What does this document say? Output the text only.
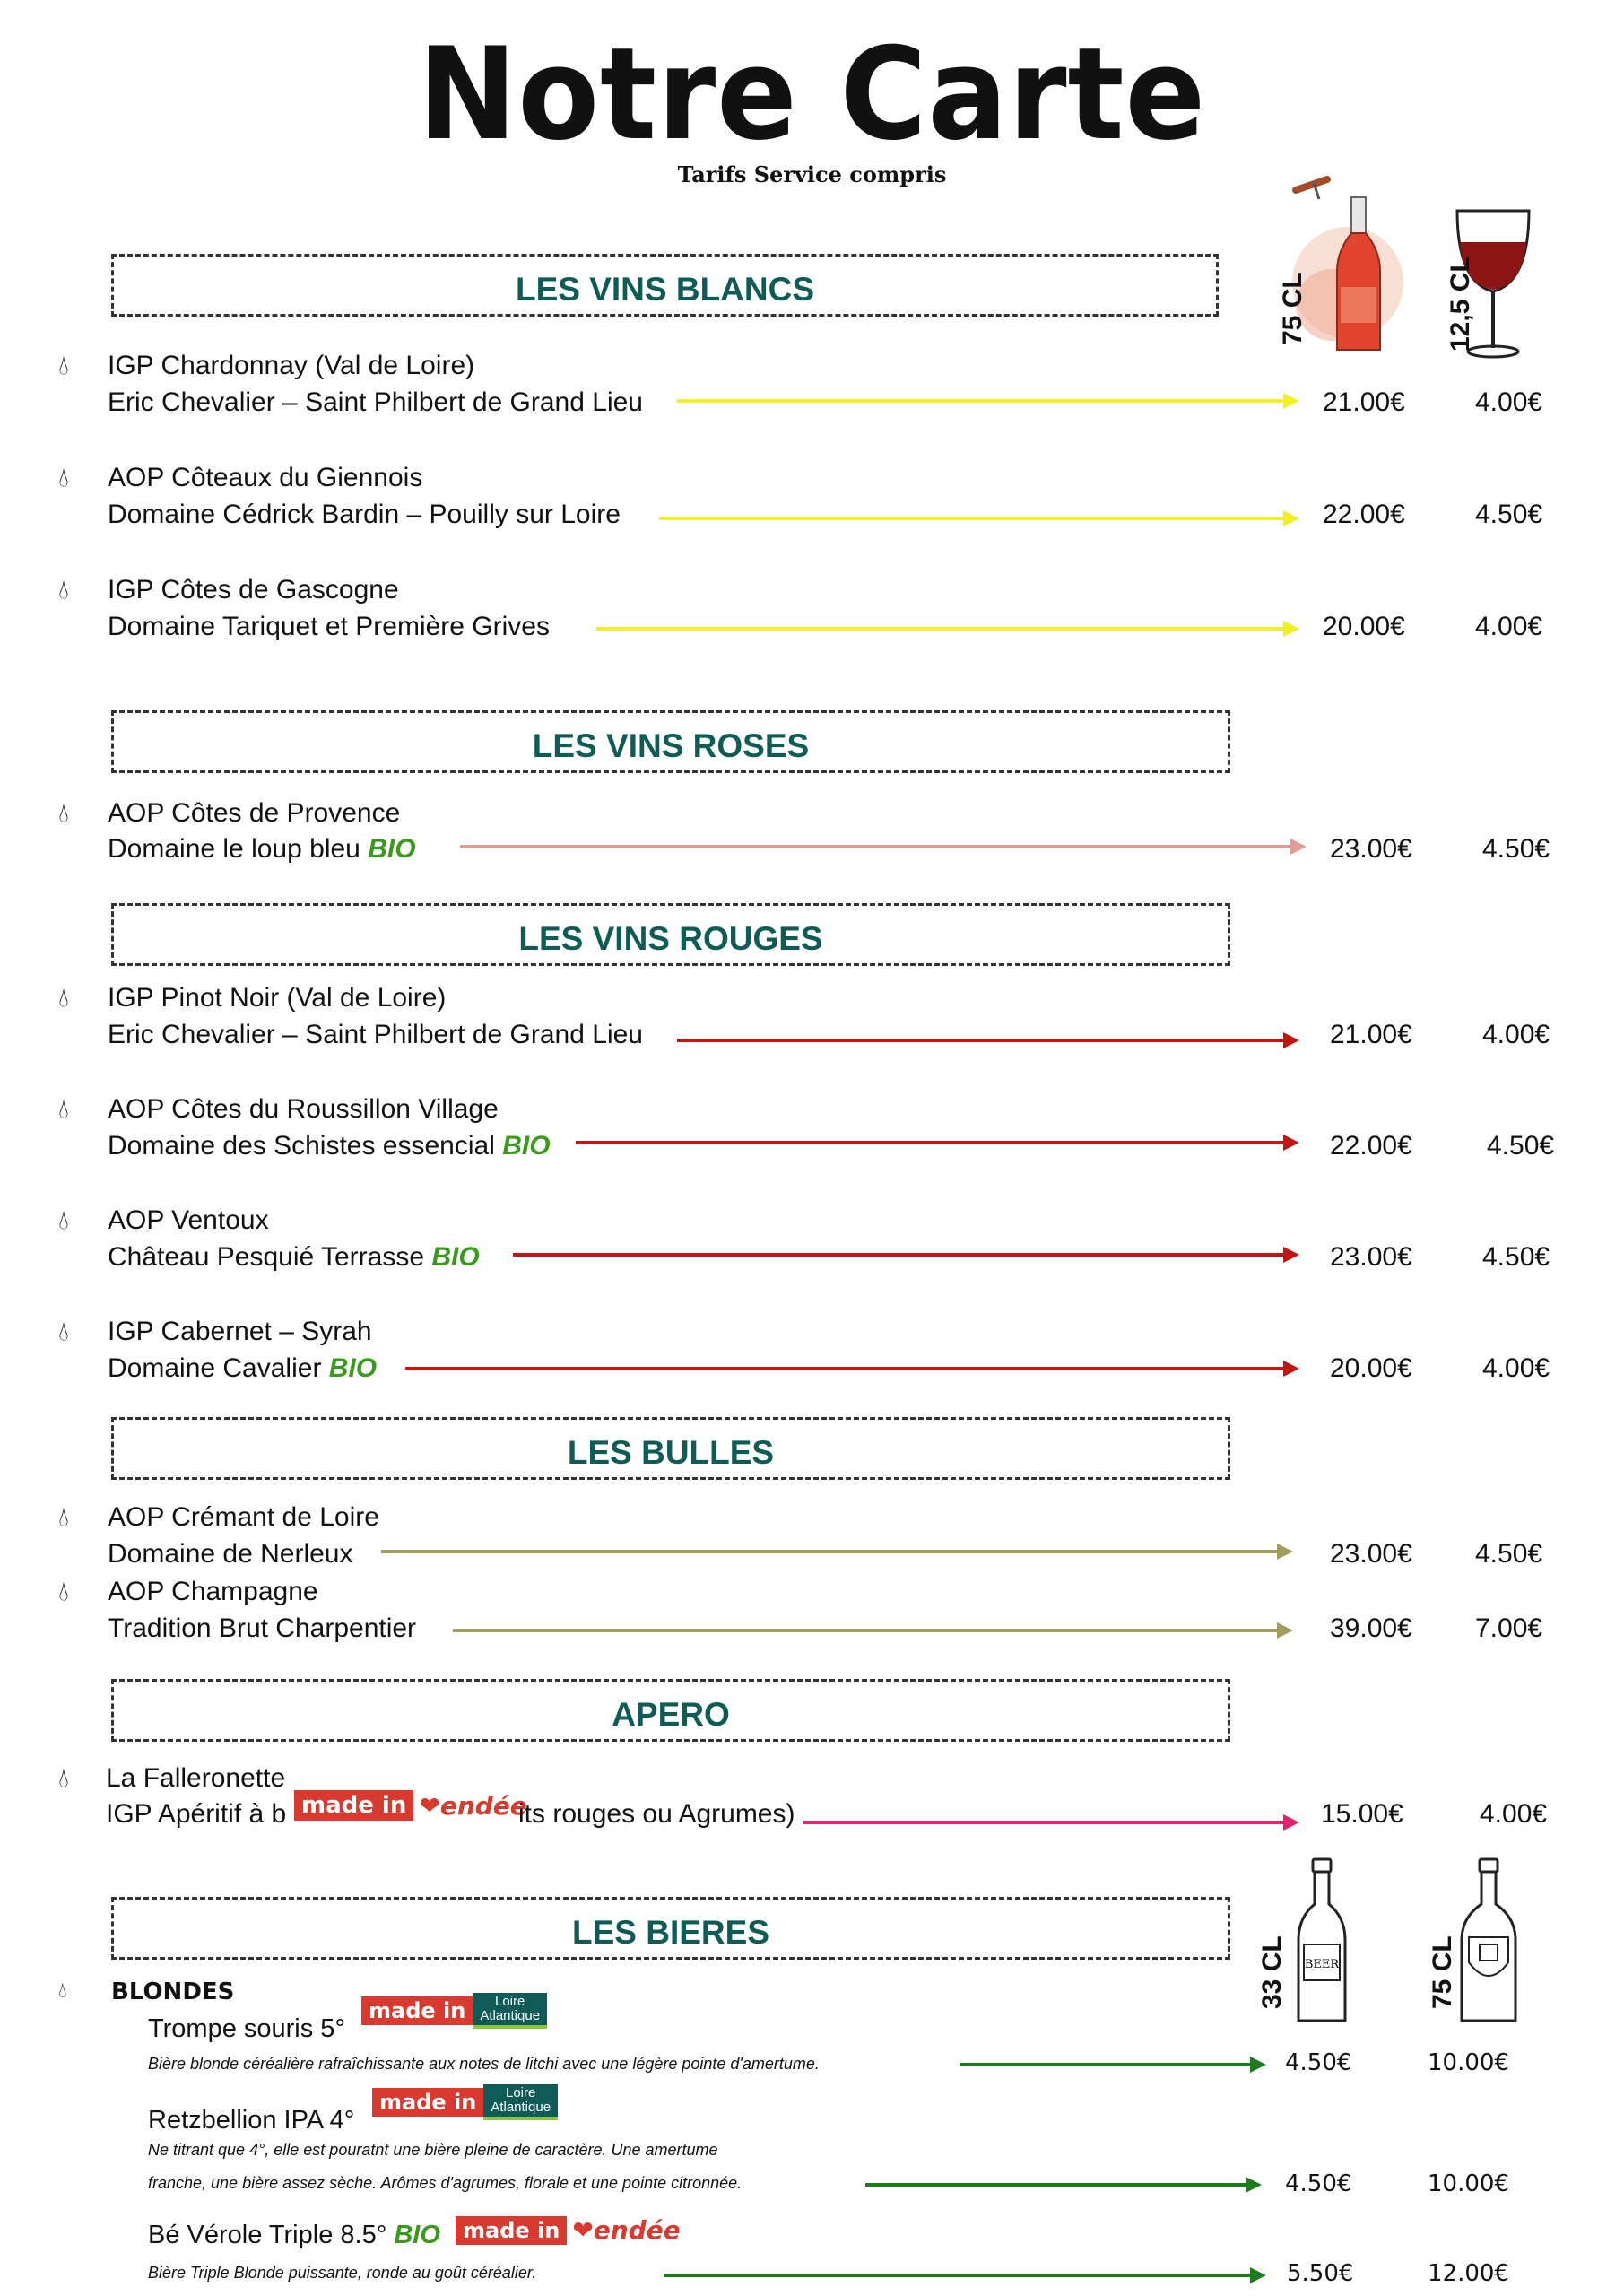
Notre Carte
Tarifs Service compris
75 CL	12,5 CL
LES VINS BLANCS
LES VINS ROSES
LES VINS ROUGES
LES BULLES
APERO
LES BIERES
💧︎ IGP Chardonnay (Val de Loire)
Eric Chevalier – Saint Philbert de Grand Lieu	21.00€	4.00€
💧︎ AOP Côteaux du Giennois
Domaine Cédrick Bardin – Pouilly sur Loire	22.00€	4.50€
💧︎ IGP Côtes de Gascogne
Domaine Tariquet et Première Grives	20.00€	4.00€
💧︎ AOP Côtes de Provence
Domaine le loup bleu BIO	23.00€	4.50€
💧︎ IGP Pinot Noir (Val de Loire)
Eric Chevalier – Saint Philbert de Grand Lieu	21.00€	4.00€
💧︎ AOP Côtes du Roussillon Village
Domaine des Schistes essencial BIO	22.00€	4.50€
💧︎ AOP Ventoux
Château Pesquié Terrasse BIO	23.00€	4.50€
💧︎ IGP Cabernet – Syrah
Domaine Cavalier BIO	20.00€	4.00€
💧︎ AOP Crémant de Loire
Domaine de Nerleux	23.00€ 4.50€
💧︎ AOP Champagne
Tradition Brut Charpentier	39.00€ 7.00€
💧︎ La Falleronette
IGP Apéritif à b made in ❤︎ endée
its rouges ou Agrumes)	15.00€	4.00€
BEER
33 CL	75 CL
💧︎ BLONDES
Trompe souris 5°
made in	Loire
Atlantique
Bière blonde céréalière rafraîchissante aux notes de litchi avec une légère pointe d'amertume.	4.50€	10.00€
Retzbellion IPA 4°
made in	Loire
Atlantique
Ne titrant que 4°, elle est pouratnt une bière pleine de caractère. Une amertume
franche, une bière assez sèche. Arômes d'agrumes, florale et une pointe citronnée.	4.50€	10.00€
Bé Vérole Triple 8.5° BIO	made in ❤︎ endée
Bière Triple Blonde puissante, ronde au goût céréalier.	5.50€	12.00€
